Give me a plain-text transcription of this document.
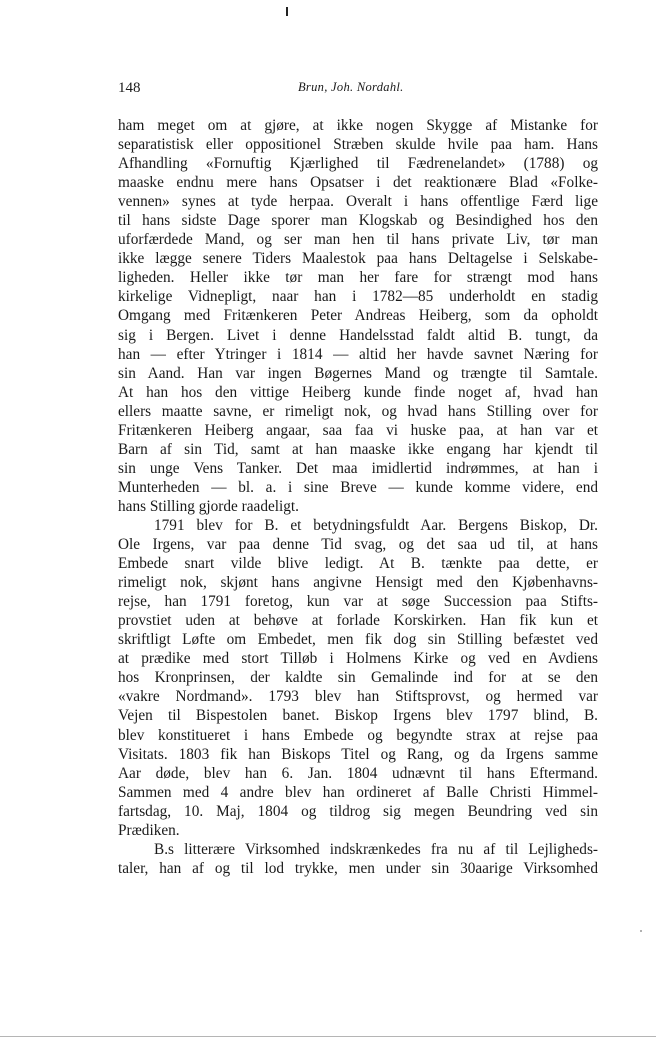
148	Brun, Joh. Nordahl.
ham meget om at gjøre, at ikke nogen Skygge af Mistanke for
separatistisk eller oppositionel Stræben skulde hvile paa ham. Hans
Afhandling «Fornuftig Kjærlighed til Fædrenelandet» (1788) og
maaske endnu mere hans Opsatser i det reaktionære Blad «Folke-
vennen» synes at tyde herpaa. Overalt i hans offentlige Færd lige
til hans sidste Dage sporer man Klogskab og Besindighed hos den
uforfærdede Mand, og ser man hen til hans private Liv, tør man
ikke lægge senere Tiders Maalestok paa hans Deltagelse i Selskabe-
ligheden. Heller ikke tør man her fare for strængt mod hans
kirkelige Vidnepligt, naar han i 1782—85 underholdt en stadig
Omgang med Fritænkeren Peter Andreas Heiberg, som da opholdt
sig i Bergen. Livet i denne Handelsstad faldt altid B. tungt, da
han — efter Ytringer i 1814 — altid her havde savnet Næring for
sin Aand. Han var ingen Bøgernes Mand og trængte til Samtale.
At han hos den vittige Heiberg kunde finde noget af, hvad han
ellers maatte savne, er rimeligt nok, og hvad hans Stilling over for
Fritænkeren Heiberg angaar, saa faa vi huske paa, at han var et
Barn af sin Tid, samt at han maaske ikke engang har kjendt til
sin unge Vens Tanker. Det maa imidlertid indrømmes, at han i
Munterheden — bl. a. i sine Breve — kunde komme videre, end
hans Stilling gjorde raadeligt.
1791 blev for B. et betydningsfuldt Aar. Bergens Biskop, Dr.
Ole Irgens, var paa denne Tid svag, og det saa ud til, at hans
Embede snart vilde blive ledigt. At B. tænkte paa dette, er
rimeligt nok, skjønt hans angivne Hensigt med den Kjøbenhavns-
rejse, han 1791 foretog, kun var at søge Succession paa Stifts-
provstiet uden at behøve at forlade Korskirken. Han fik kun et
skriftligt Løfte om Embedet, men fik dog sin Stilling befæstet ved
at prædike med stort Tilløb i Holmens Kirke og ved en Avdiens
hos Kronprinsen, der kaldte sin Gemalinde ind for at se den
«vakre Nordmand». 1793 blev han Stiftsprovst, og hermed var
Vejen til Bispestolen banet. Biskop Irgens blev 1797 blind, B.
blev konstitueret i hans Embede og begyndte strax at rejse paa
Visitats. 1803 fik han Biskops Titel og Rang, og da Irgens samme
Aar døde, blev han 6. Jan. 1804 udnævnt til hans Eftermand.
Sammen med 4 andre blev han ordineret af Balle Christi Himmel-
fartsdag, 10. Maj, 1804 og tildrog sig megen Beundring ved sin
Prædiken.
B.s litterære Virksomhed indskrænkedes fra nu af til Lejligheds-
taler, han af og til lod trykke, men under sin 30aarige Virksomhed
